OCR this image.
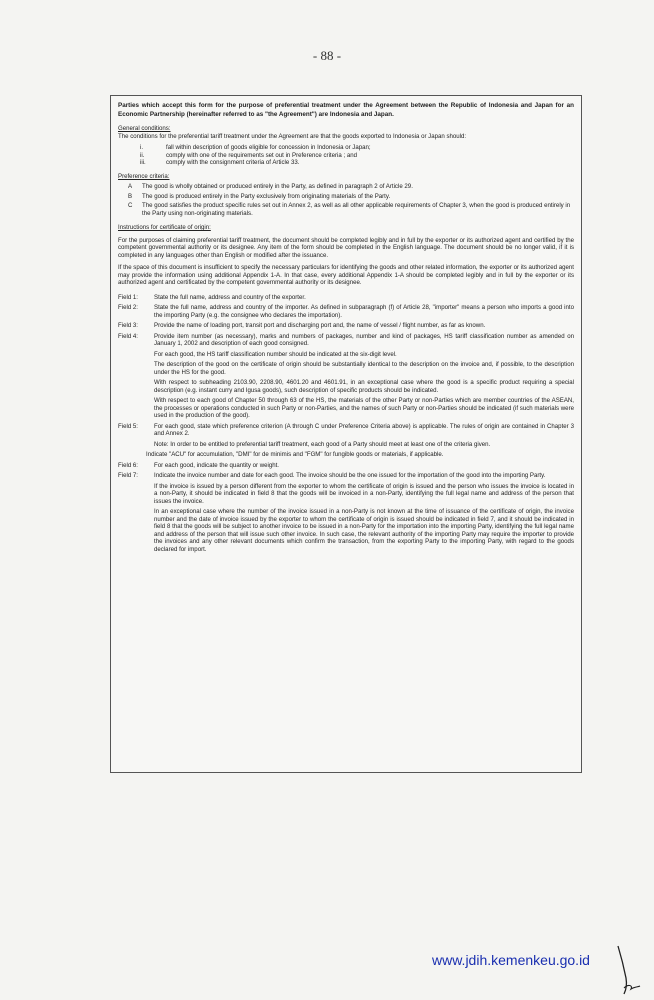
- 88 -

Parties which accept this form for the purpose of preferential treatment under the Agreement between the Republic of Indonesia and Japan for an Economic Partnership (hereinafter referred to as "the Agreement") are Indonesia and Japan.

General conditions:

The conditions for the preferential tariff treatment under the Agreement are that the goods exported to Indonesia or Japan should:

i.	fall within description of goods eligible for concession in Indonesia or Japan;
ii.	comply with one of the requirements set out in Preference criteria ; and
iii.	comply with the consignment criteria of Article 33.
Preference criteria:
A	The good is wholly obtained or produced entirely in the Party, as defined in paragraph 2 of Article 29.
B	The good is produced entirely in the Party exclusively from originating materials of the Party.
C	The good satisfies the product specific rules set out in Annex 2, as well as all other applicable requirements of Chapter 3, when the good is produced entirely in the Party using non-originating materials.
Instructions for certificate of origin:

For the purposes of claiming preferential tariff treatment, the document should be completed legibly and in full by the exporter or its authorized agent and certified by the competent governmental authority or its designee. Any item of the form should be completed in the English language. The document should be no longer valid, if it is completed in any languages other than English or modified after the issuance.

If the space of this document is insufficient to specify the necessary particulars for identifying the goods and other related information, the exporter or its authorized agent may provide the information using additional Appendix 1-A. In that case, every additional Appendix 1-A should be completed legibly and in full by the exporter or its authorized agent and certificated by the competent governmental authority or its designee.

Field 1:	State the full name, address and country of the exporter.
Field 2:	State the full name, address and country of the importer. As defined in subparagraph (f) of Article 28, "importer" means a person who imports a good into the importing Party (e.g. the consignee who declares the importation).
Field 3:	Provide the name of loading port, transit port and discharging port and, the name of vessel / flight number, as far as known.
Field 4:	Provide item number (as necessary), marks and numbers of packages, number and kind of packages, HS tariff classification number as amended on January 1, 2002 and description of each good consigned.
For each good, the HS tariff classification number should be indicated at the six-digit level.
The description of the good on the certificate of origin should be substantially identical to the description on the invoice and, if possible, to the description under the HS for the good.
With respect to subheading 2103.90, 2208.90, 4601.20 and 4601.91, in an exceptional case where the good is a specific product requiring a special description (e.g. instant curry and Igusa goods), such description of specific products should be indicated.
With respect to each good of Chapter 50 through 63 of the HS, the materials of the other Party or non-Parties which are member countries of the ASEAN, the processes or operations conducted in such Party or non-Parties, and the names of such Party or non-Parties should be indicated (if such materials were used in the production of the good).
Field 5:	For each good, state which preference criterion (A through C under Preference Criteria above) is applicable. The rules of origin are contained in Chapter 3 and Annex 2.
Note: In order to be entitled to preferential tariff treatment, each good of a Party should meet at least one of the criteria given.
Indicate "ACU" for accumulation, "DMI" for de minimis and "FGM" for fungible goods or materials, if applicable.
Field 6:	For each good, indicate the quantity or weight.
Field 7:	Indicate the invoice number and date for each good. The invoice should be the one issued for the importation of the good into the importing Party.
If the invoice is issued by a person different from the exporter to whom the certificate of origin is issued and the person who issues the invoice is located in a non-Party, it should be indicated in field 8 that the goods will be invoiced in a non-Party, identifying the full legal name and address of the person that issues the invoice.
In an exceptional case where the number of the invoice issued in a non-Party is not known at the time of issuance of the certificate of origin, the invoice number and the date of invoice issued by the exporter to whom the certificate of origin is issued should be indicated in field 7, and it should be indicated in field 8 that the goods will be subject to another invoice to be issued in a non-Party for the importation into the importing Party, identifying the full legal name and address of the person that will issue such other invoice. In such case, the relevant authority of the importing Party may require the importer to provide the invoices and any other relevant documents which confirm the transaction, from the exporting Party to the importing Party, with regard to the goods declared for import.
www.jdih.kemenkeu.go.id
